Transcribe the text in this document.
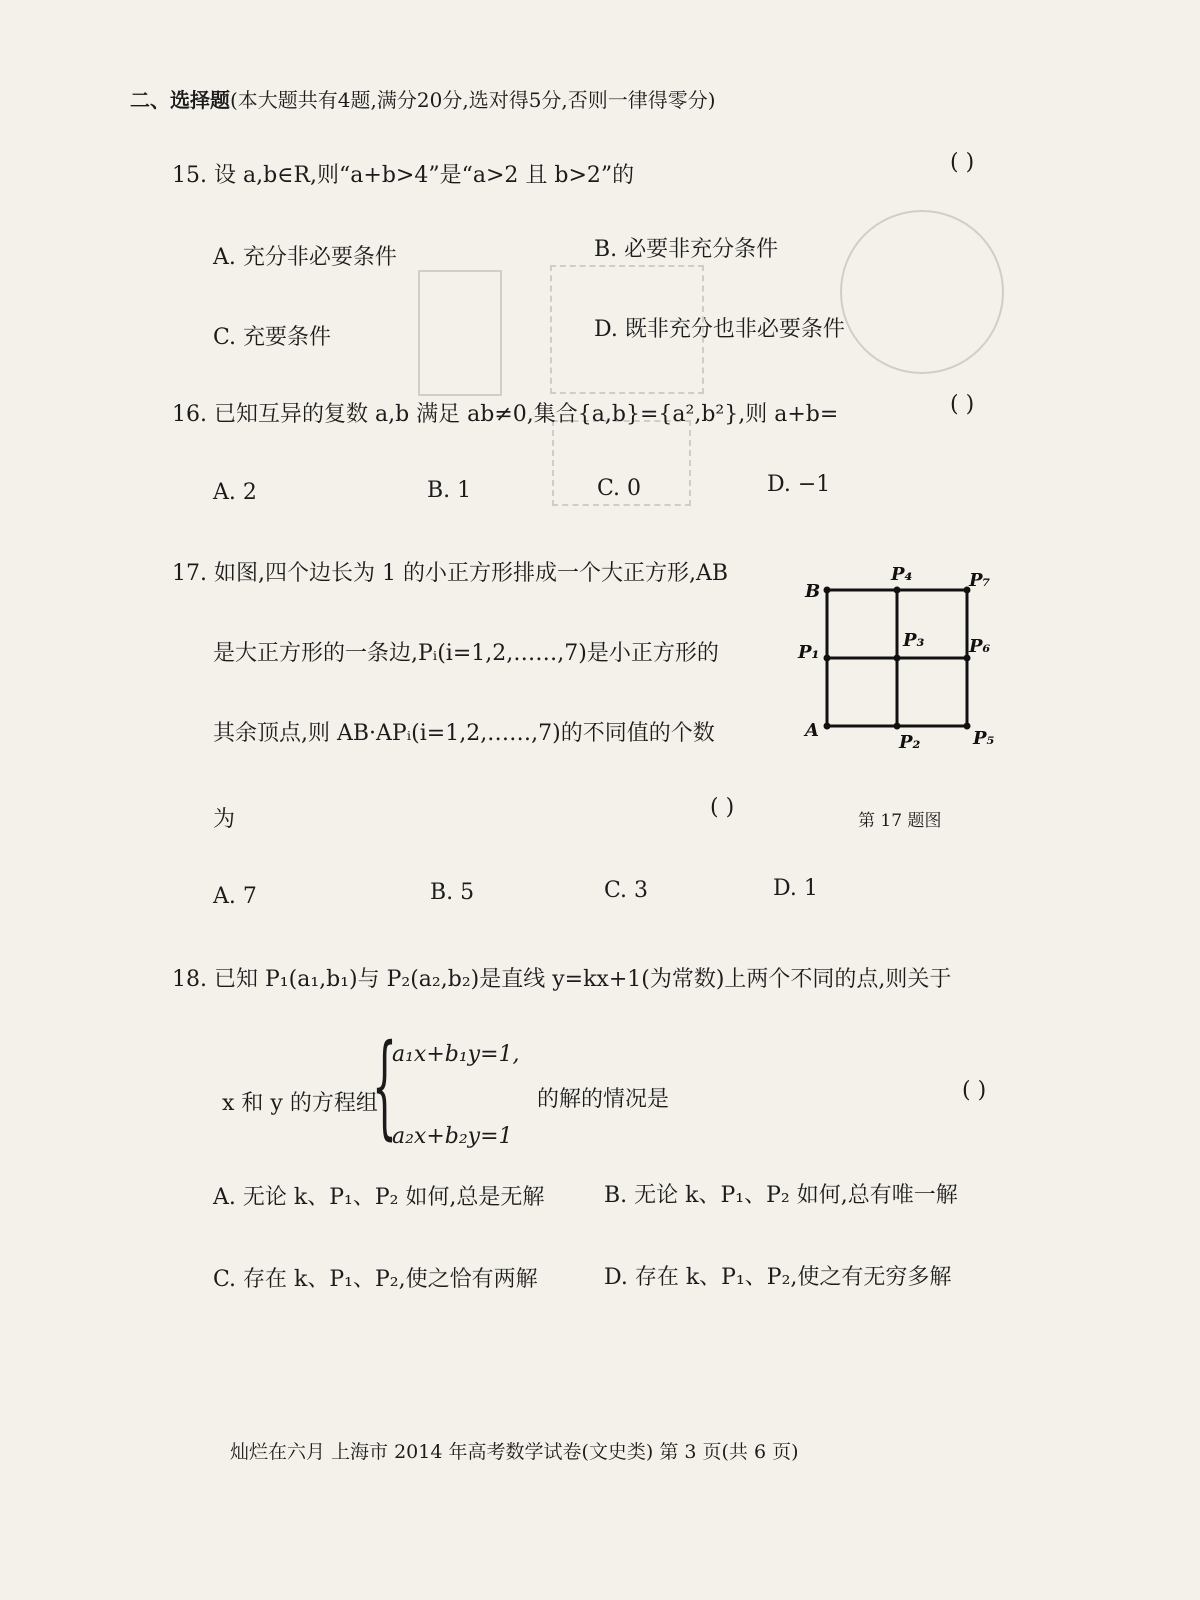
二、选择题(本大题共有4题,满分20分,选对得5分,否则一律得零分)
15. 设 a,b∈R,则“a+b>4”是“a>2 且 b>2”的
( )
A. 充分非必要条件	B. 必要非充分条件
C. 充要条件	D. 既非充分也非必要条件
16. 已知互异的复数 a,b 满足 ab≠0,集合{a,b}={a²,b²},则 a+b=	( )
A. 2	B. 1	C. 0	D. −1
17. 如图,四个边长为 1 的小正方形排成一个大正方形,AB
是大正方形的一条边,Pᵢ(i=1,2,……,7)是小正方形的
其余顶点,则 AB·APᵢ(i=1,2,……,7)的不同值的个数
为	( )
B
P₄	P₇
P₁
P₃ P₆
A
P₂	P₅
第 17 题图
A. 7	B. 5	C. 3	D. 1
18. 已知 P₁(a₁,b₁)与 P₂(a₂,b₂)是直线 y=kx+1(为常数)上两个不同的点,则关于
x 和 y 的方程组
{
a₁x+b₁y=1,
a₂x+b₂y=1
的解的情况是	( )
A. 无论 k、P₁、P₂ 如何,总是无解	B. 无论 k、P₁、P₂ 如何,总有唯一解
C. 存在 k、P₁、P₂,使之恰有两解	D. 存在 k、P₁、P₂,使之有无穷多解
灿烂在六月 上海市 2014 年高考数学试卷(文史类) 第 3 页(共 6 页)
